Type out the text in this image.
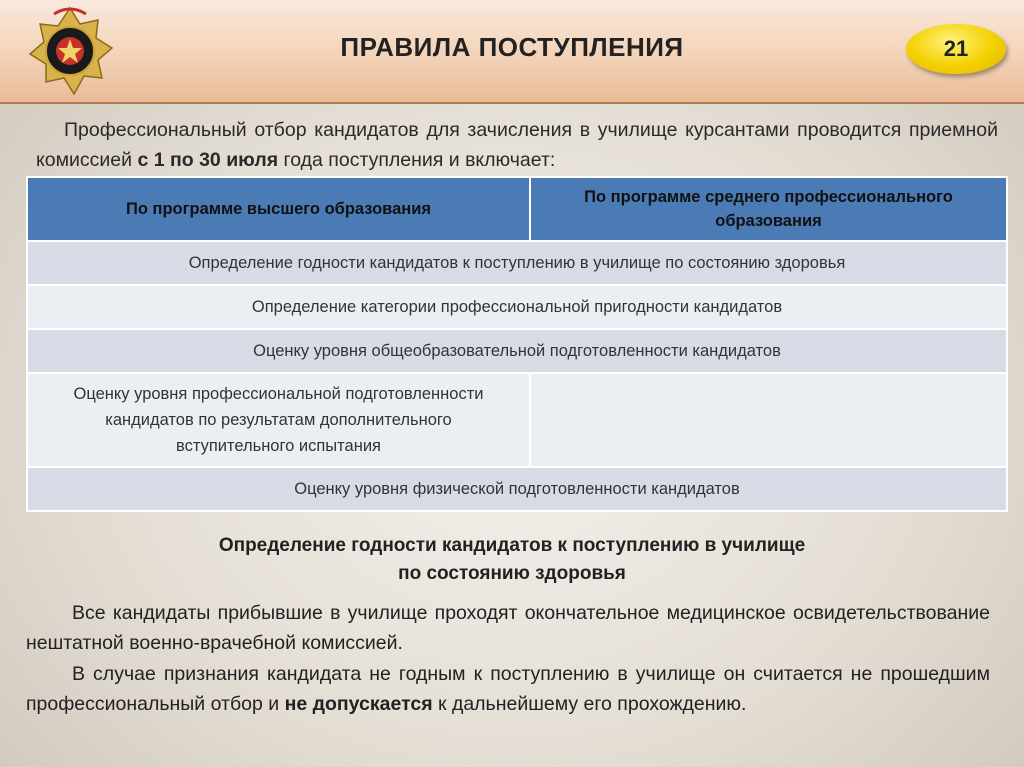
ПРАВИЛА ПОСТУПЛЕНИЯ	21
Профессиональный отбор кандидатов для зачисления в училище курсантами проводится приемной комиссией с 1 по 30 июля года поступления и включает:
По программе высшего образования	По программе среднего профессионального образования
Определение годности кандидатов к поступлению в училище по состоянию здоровья	
Определение категории профессиональной пригодности кандидатов	
Оценку уровня общеобразовательной подготовленности кандидатов	
Оценку уровня профессиональной подготовленности кандидатов по результатам дополнительного вступительного испытания	
Оценку уровня физической подготовленности кандидатов	
Определение годности кандидатов к поступлению в училище
по состоянию здоровья
Все кандидаты прибывшие в училище проходят окончательное медицинское освидетельствование нештатной военно-врачебной комиссией.
В случае признания кандидата не годным к поступлению в училище он считается не прошедшим профессиональный отбор и не допускается к дальнейшему его прохождению.
